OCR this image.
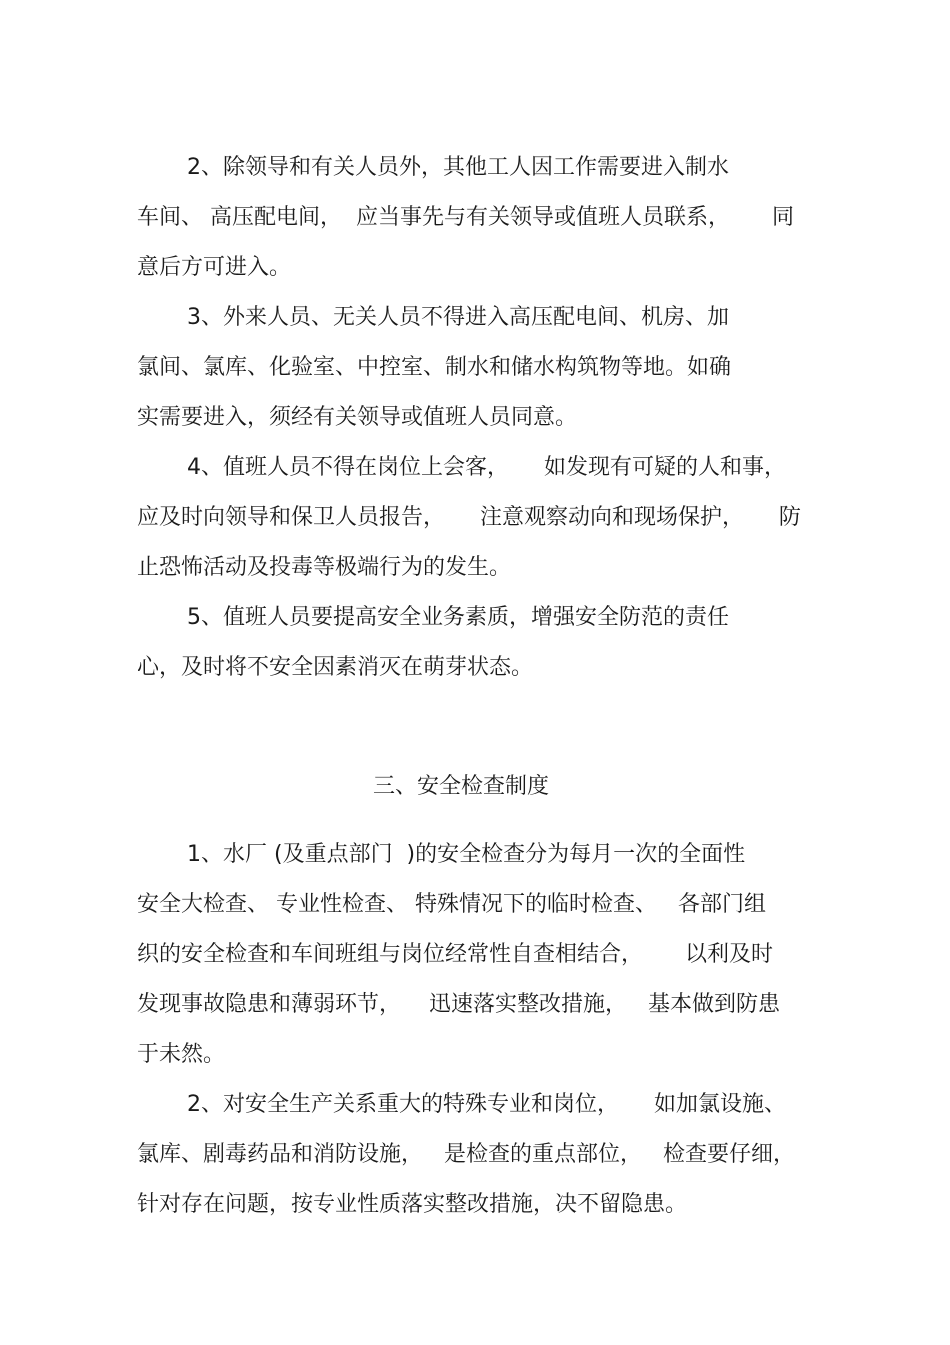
2、除领导和有关人员外，其他工人因工作需要进入制水
车间、 高压配电间，  应当事先与有关领导或值班人员联系，      同
意后方可进入。
3、外来人员、无关人员不得进入高压配电间、机房、加
氯间、氯库、化验室、中控室、制水和储水构筑物等地。如确
实需要进入，须经有关领导或值班人员同意。
4、值班人员不得在岗位上会客，     如发现有可疑的人和事，
应及时向领导和保卫人员报告，     注意观察动向和现场保护，     防
止恐怖活动及投毒等极端行为的发生。
5、值班人员要提高安全业务素质，增强安全防范的责任
心，及时将不安全因素消灭在萌芽状态。
三、安全检查制度
1、水厂 (及重点部门  )的安全检查分为每月一次的全面性
安全大检查、 专业性检查、 特殊情况下的临时检查、   各部门组
织的安全检查和车间班组与岗位经常性自查相结合，      以利及时
发现事故隐患和薄弱环节，    迅速落实整改措施，   基本做到防患
于未然。
2、对安全生产关系重大的特殊专业和岗位，     如加氯设施、
氯库、剧毒药品和消防设施，   是检查的重点部位，   检查要仔细，
针对存在问题，按专业性质落实整改措施，决不留隐患。
